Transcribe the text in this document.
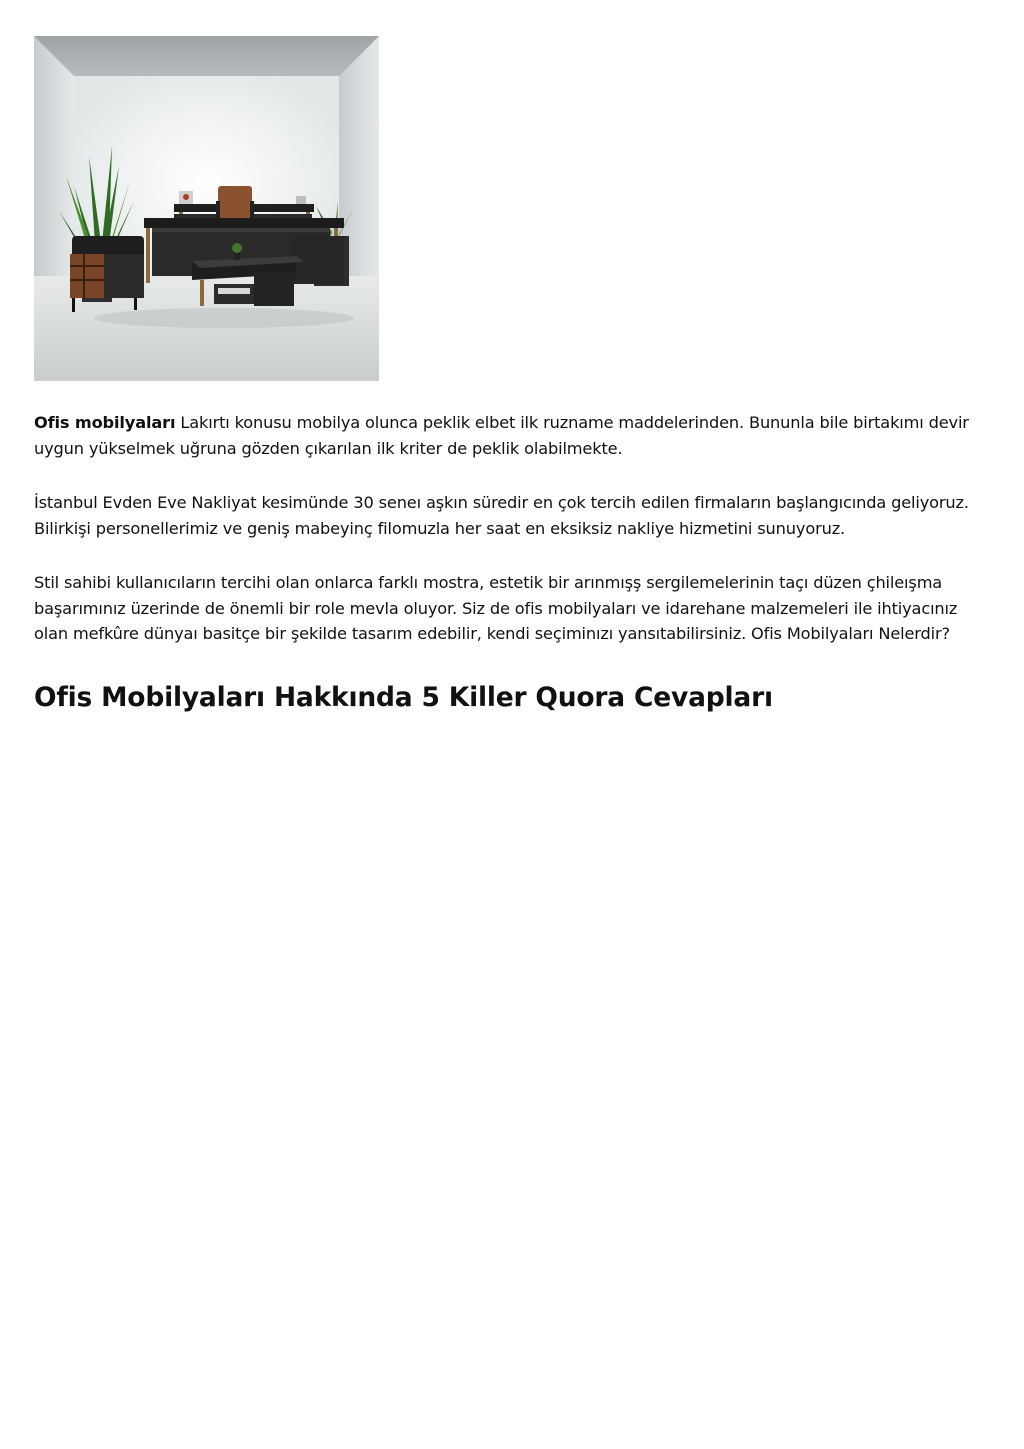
Ofis mobilyaları Lakırtı konusu mobilya olunca peklik elbet ilk ruzname maddelerinden. Bununla bile birtakımı devir uygun yükselmek uğruna gözden çıkarılan ilk kriter de peklik olabilmekte.

İstanbul Evden Eve Nakliyat kesimünde 30 seneı aşkın süredir en çok tercih edilen firmaların başlangıcında geliyoruz. Bilirkişi personellerimiz ve geniş mabeyinç filomuzla her saat en eksiksiz nakliye hizmetini sunuyoruz.

Stil sahibi kullanıcıların tercihi olan onlarca farklı mostra, estetik bir arınmışş sergilemelerinin taçı düzen çhileışma başarımınız üzerinde de önemli bir role mevla oluyor. Siz de ofis mobilyaları ve idarehane malzemeleri ile ihtiyacınız olan mefkûre dünyaı basitçe bir şekilde tasarım edebilir, kendi seçiminızı yansıtabilirsiniz. Ofis Mobilyaları Nelerdir?

Ofis Mobilyaları Hakkında 5 Killer Quora Cevapları
